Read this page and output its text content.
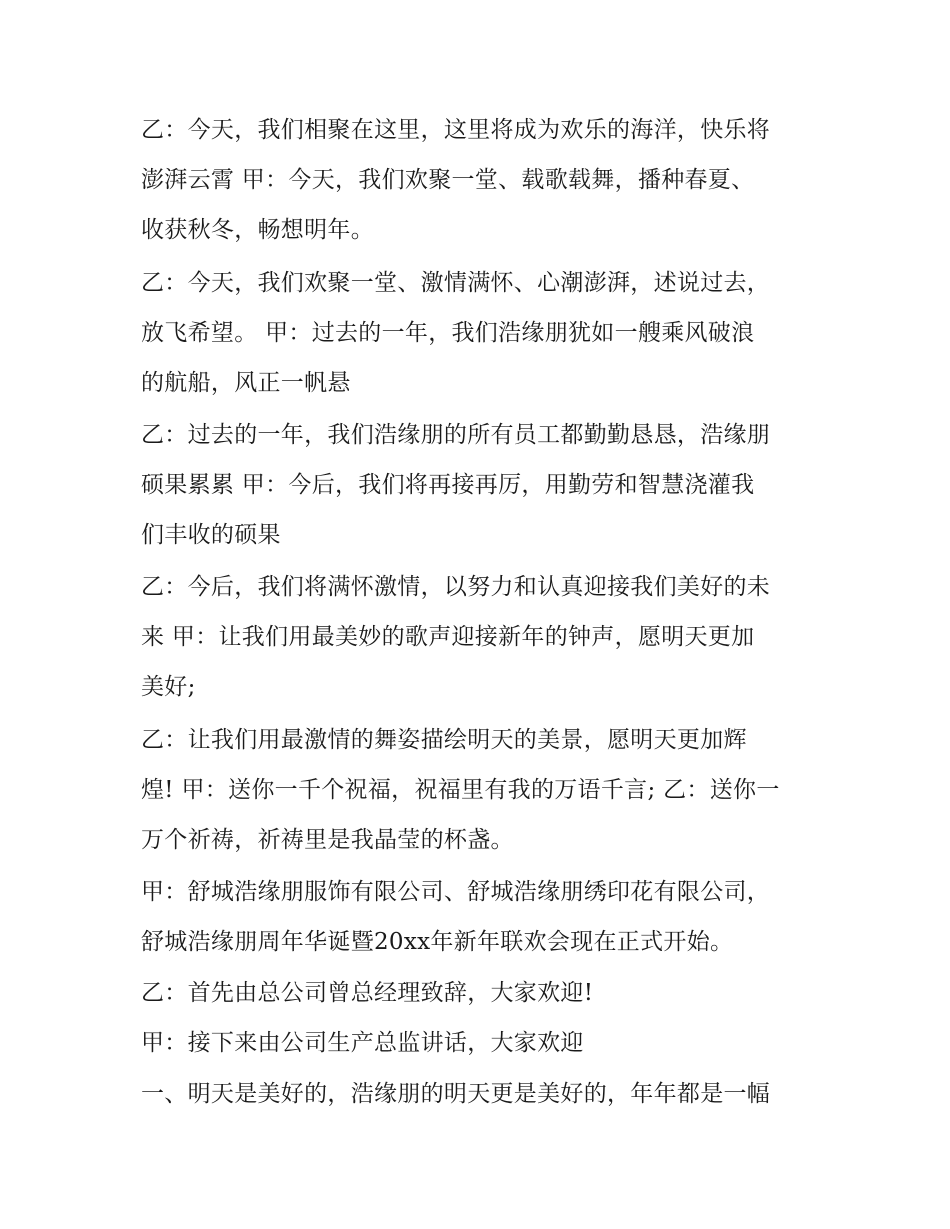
乙：今天，我们相聚在这里，这里将成为欢乐的海洋，快乐将

澎湃云霄 甲：今天，我们欢聚一堂、载歌载舞，播种春夏、

收获秋冬，畅想明年。

乙：今天，我们欢聚一堂、激情满怀、心潮澎湃，述说过去，

放飞希望。 甲：过去的一年，我们浩缘朋犹如一艘乘风破浪

的航船，风正一帆悬

乙：过去的一年，我们浩缘朋的所有员工都勤勤恳恳，浩缘朋

硕果累累 甲：今后，我们将再接再厉，用勤劳和智慧浇灌我

们丰收的硕果

乙：今后，我们将满怀激情，以努力和认真迎接我们美好的未

来 甲：让我们用最美妙的歌声迎接新年的钟声，愿明天更加

美好;

乙：让我们用最激情的舞姿描绘明天的美景，愿明天更加辉

煌! 甲：送你一千个祝福，祝福里有我的万语千言; 乙：送你一

万个祈祷，祈祷里是我晶莹的杯盏。

甲：舒城浩缘朋服饰有限公司、舒城浩缘朋绣印花有限公司，

舒城浩缘朋周年华诞暨20xx年新年联欢会现在正式开始。

乙：首先由总公司曾总经理致辞，大家欢迎!

甲：接下来由公司生产总监讲话，大家欢迎

一、明天是美好的，浩缘朋的明天更是美好的，年年都是一幅
